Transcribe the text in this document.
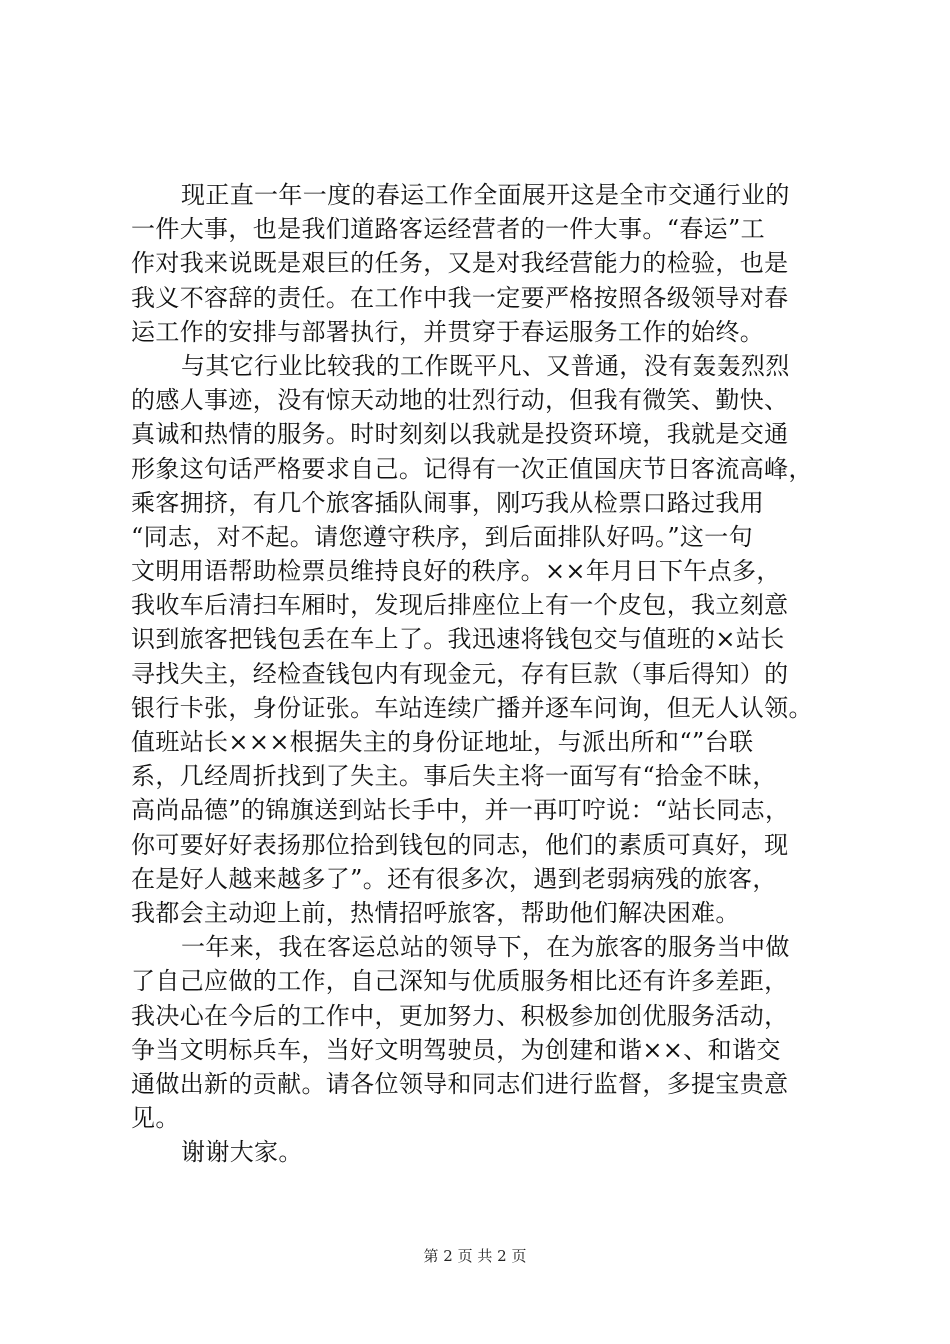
现正直一年一度的春运工作全面展开这是全市交通行业的
一件大事，也是我们道路客运经营者的一件大事。“春运”工
作对我来说既是艰巨的任务，又是对我经营能力的检验，也是
我义不容辞的责任。在工作中我一定要严格按照各级领导对春
运工作的安排与部署执行，并贯穿于春运服务工作的始终。
与其它行业比较我的工作既平凡、又普通，没有轰轰烈烈
的感人事迹，没有惊天动地的壮烈行动，但我有微笑、勤快、
真诚和热情的服务。时时刻刻以我就是投资环境，我就是交通
形象这句话严格要求自己。记得有一次正值国庆节日客流高峰，
乘客拥挤，有几个旅客插队闹事，刚巧我从检票口路过我用
“同志，对不起。请您遵守秩序，到后面排队好吗。”这一句
文明用语帮助检票员维持良好的秩序。××年月日下午点多，
我收车后清扫车厢时，发现后排座位上有一个皮包，我立刻意
识到旅客把钱包丢在车上了。我迅速将钱包交与值班的×站长
寻找失主，经检查钱包内有现金元，存有巨款（事后得知）的
银行卡张，身份证张。车站连续广播并逐车问询，但无人认领。
值班站长×××根据失主的身份证地址，与派出所和“”台联
系，几经周折找到了失主。事后失主将一面写有“拾金不昧，
高尚品德”的锦旗送到站长手中，并一再叮咛说：“站长同志，
你可要好好表扬那位拾到钱包的同志，他们的素质可真好，现
在是好人越来越多了”。还有很多次，遇到老弱病残的旅客，
我都会主动迎上前，热情招呼旅客，帮助他们解决困难。
一年来，我在客运总站的领导下，在为旅客的服务当中做
了自己应做的工作，自己深知与优质服务相比还有许多差距，
我决心在今后的工作中，更加努力、积极参加创优服务活动，
争当文明标兵车，当好文明驾驶员，为创建和谐××、和谐交
通做出新的贡献。请各位领导和同志们进行监督，多提宝贵意
见。
谢谢大家。
第 2 页 共 2 页
